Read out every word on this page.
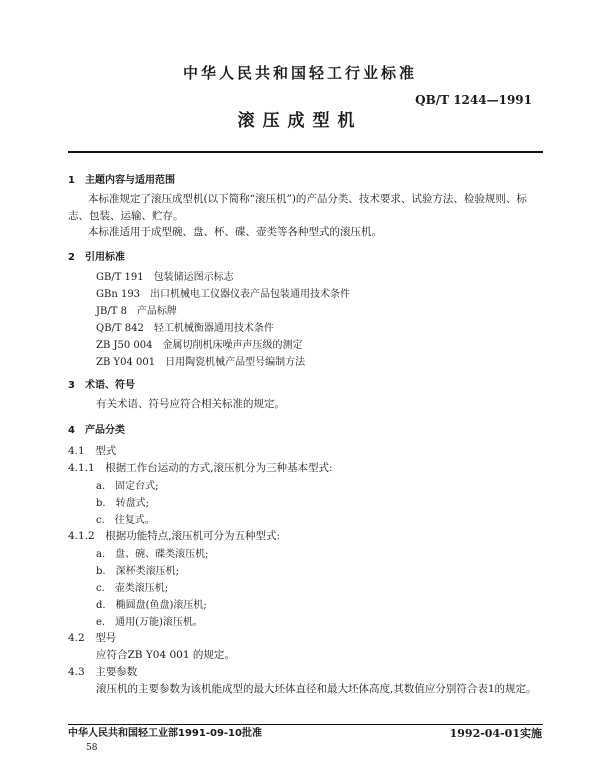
中华人民共和国轻工行业标准
QB/T 1244—1991
滚压成型机
1　主题内容与适用范围
本标准规定了滚压成型机(以下简称“滚压机”)的产品分类、技术要求、试验方法、检验规则、标志、包装、运输、贮存。
本标准适用于成型碗、盘、杯、碟、壶类等各种型式的滚压机。
2　引用标准
GB/T 191　包装储运图示标志
GBn 193　出口机械电工仪器仪表产品包装通用技术条件
JB/T 8　产品标牌
QB/T 842　轻工机械衡器通用技术条件
ZB J50 004　金属切削机床噪声声压级的测定
ZB Y04 001　日用陶瓷机械产品型号编制方法
3　术语、符号
有关术语、符号应符合相关标准的规定。
4　产品分类
4.1　型式
4.1.1　根据工作台运动的方式,滚压机分为三种基本型式:
a.　固定台式;
b.　转盘式;
c.　往复式。
4.1.2　根据功能特点,滚压机可分为五种型式:
a.　盘、碗、碟类滚压机;
b.　深杯类滚压机;
c.　壶类滚压机;
d.　椭圆盘(鱼盘)滚压机;
e.　通用(万能)滚压机。
4.2　型号
应符合ZB Y04 001 的规定。
4.3　主要参数
滚压机的主要参数为该机能成型的最大坯体直径和最大坯体高度,其数值应分别符合表1的规定。
中华人民共和国轻工业部1991-09-10批准	1992-04-01实施
58
